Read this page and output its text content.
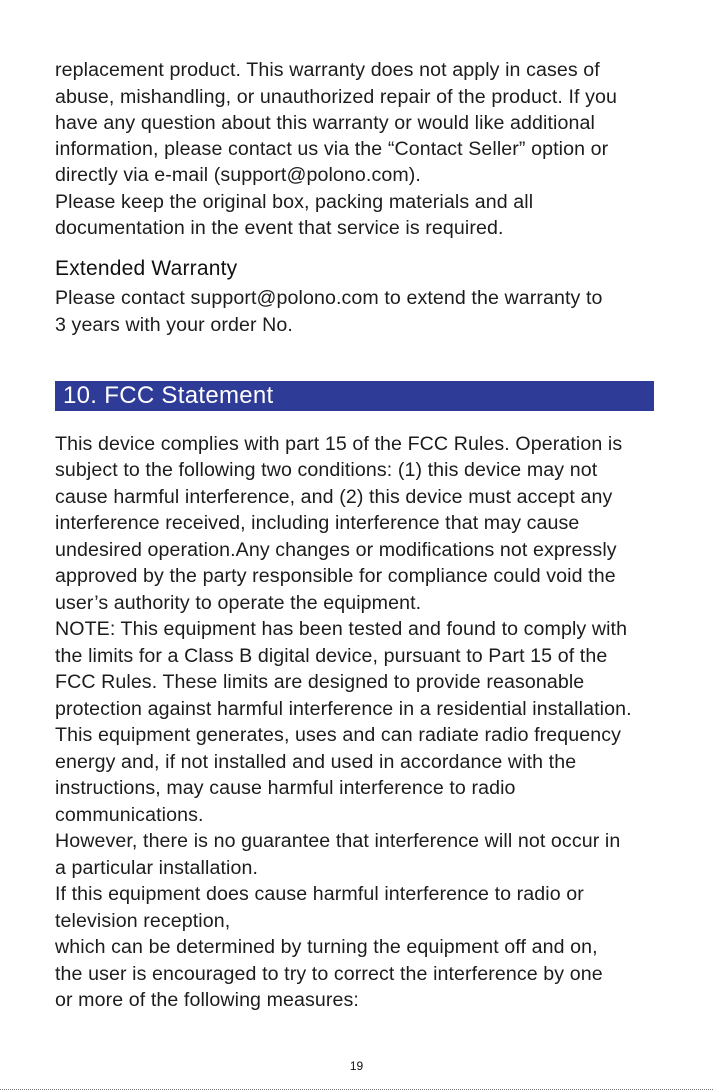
replacement product. This warranty does not apply in cases of
abuse, mishandling, or unauthorized repair of the product. If you
have any question about this warranty or would like additional
information, please contact us via the “Contact Seller” option or
directly via e-mail (support@polono.com).
Please keep the original box, packing materials and all
documentation in the event that service is required.
Extended Warranty
Please contact support@polono.com to extend the warranty to
3 years with your order No.
10. FCC Statement
This device complies with part 15 of the FCC Rules. Operation is
subject to the following two conditions: (1) this device may not
cause harmful interference, and (2) this device must accept any
interference received, including interference that may cause
undesired operation.Any changes or modifications not expressly
approved by the party responsible for compliance could void the
user’s authority to operate the equipment.
NOTE: This equipment has been tested and found to comply with
the limits for a Class B digital device, pursuant to Part 15 of the
FCC Rules. These limits are designed to provide reasonable
protection against harmful interference in a residential installation.
This equipment generates, uses and can radiate radio frequency
energy and, if not installed and used in accordance with the
instructions, may cause harmful interference to radio
communications.
However, there is no guarantee that interference will not occur in
a particular installation.
If this equipment does cause harmful interference to radio or
television reception,
which can be determined by turning the equipment off and on,
the user is encouraged to try to correct the interference by one
or more of the following measures:
19
